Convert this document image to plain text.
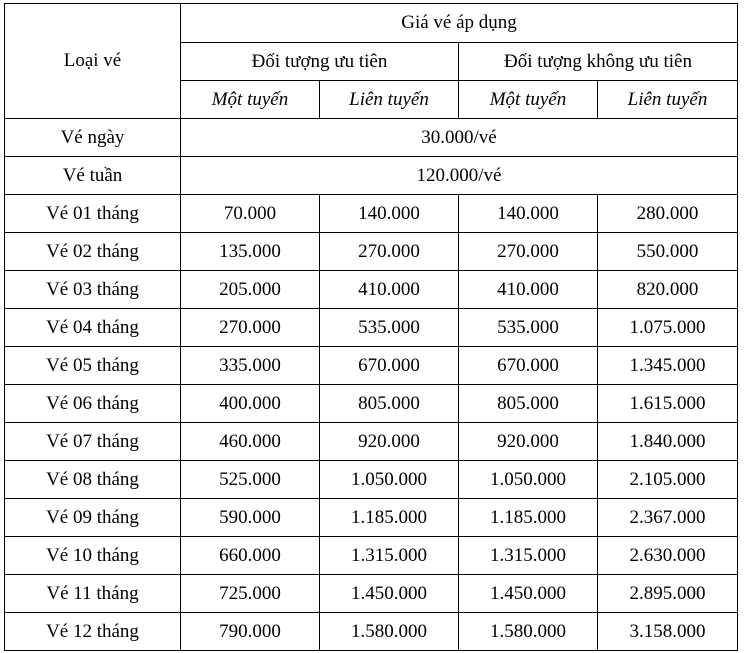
Loại vé	Giá vé áp dụng			
	Đối tượng ưu tiên		Đối tượng không ưu tiên	
	Một tuyến	Liên tuyến	Một tuyến	Liên tuyến
Vé ngày	30.000/vé			
Vé tuần	120.000/vé			
Vé 01 tháng	70.000	140.000	140.000	280.000
Vé 02 tháng	135.000	270.000	270.000	550.000
Vé 03 tháng	205.000	410.000	410.000	820.000
Vé 04 tháng	270.000	535.000	535.000	1.075.000
Vé 05 tháng	335.000	670.000	670.000	1.345.000
Vé 06 tháng	400.000	805.000	805.000	1.615.000
Vé 07 tháng	460.000	920.000	920.000	1.840.000
Vé 08 tháng	525.000	1.050.000	1.050.000	2.105.000
Vé 09 tháng	590.000	1.185.000	1.185.000	2.367.000
Vé 10 tháng	660.000	1.315.000	1.315.000	2.630.000
Vé 11 tháng	725.000	1.450.000	1.450.000	2.895.000
Vé 12 tháng	790.000	1.580.000	1.580.000	3.158.000
